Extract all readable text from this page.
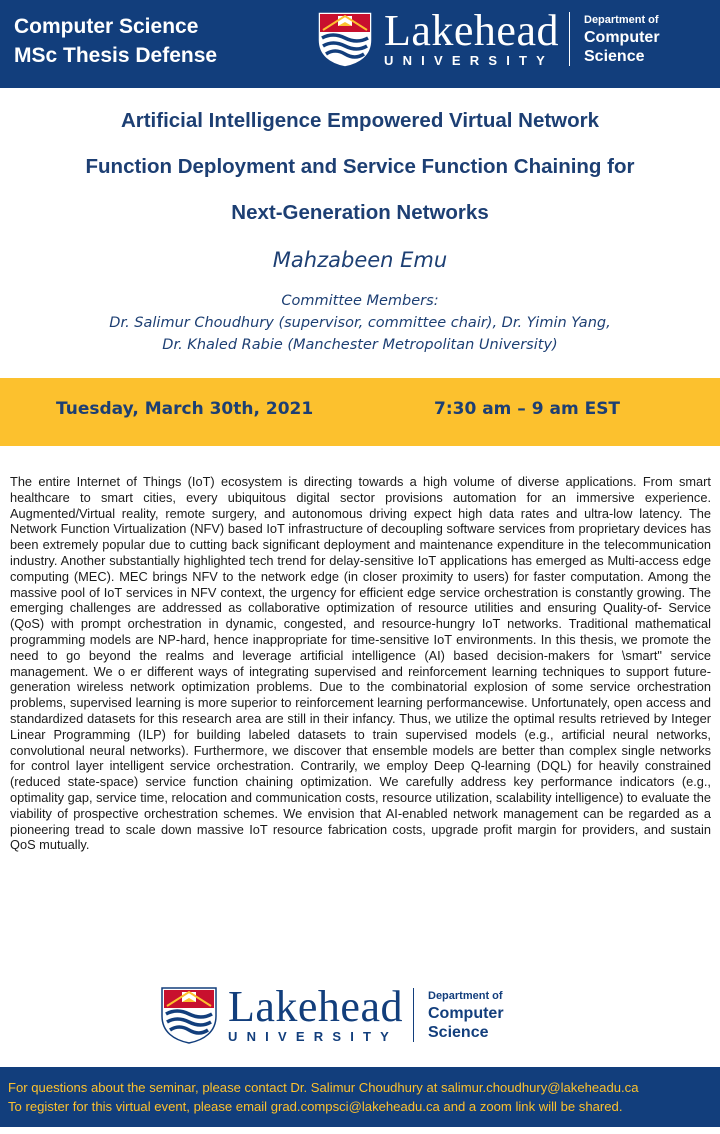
Computer Science
MSc Thesis Defense
Lakehead
UNIVERSITY
Department of
Computer
Science
Artificial Intelligence Empowered Virtual Network
Function Deployment and Service Function Chaining for
Next-Generation Networks
Mahzabeen Emu
Committee Members:
Dr. Salimur Choudhury (supervisor, committee chair), Dr. Yimin Yang,
Dr. Khaled Rabie (Manchester Metropolitan University)
Tuesday, March 30th, 2021	7:30 am – 9 am EST

The entire Internet of Things (IoT) ecosystem is directing towards a high volume of diverse applications. From smart healthcare to smart cities, every ubiquitous digital sector provisions automation for an immersive experience. Augmented/Virtual reality, remote surgery, and autonomous driving expect high data rates and ultra-low latency. The Network Function Virtualization (NFV) based IoT infrastructure of decoupling software services from proprietary devices has been extremely popular due to cutting back significant deployment and maintenance expenditure in the telecommunication industry. Another substantially highlighted tech trend for delay-sensitive IoT applications has emerged as Multi-access edge computing (MEC). MEC brings NFV to the network edge (in closer proximity to users) for faster computation. Among the massive pool of IoT services in NFV context, the urgency for efficient edge service orchestration is constantly growing. The emerging challenges are addressed as collaborative optimization of resource utilities and ensuring Quality-of- Service (QoS) with prompt orchestration in dynamic, congested, and resource-hungry IoT networks. Traditional mathematical programming models are NP-hard, hence inappropriate for time-sensitive IoT environments. In this thesis, we promote the need to go beyond the realms and leverage artificial intelligence (AI) based decision-makers for \smart" service management. We o er different ways of integrating supervised and reinforcement learning techniques to support future-generation wireless network optimization problems. Due to the combinatorial explosion of some service orchestration problems, supervised learning is more superior to reinforcement learning performancewise. Unfortunately, open access and standardized datasets for this research area are still in their infancy. Thus, we utilize the optimal results retrieved by Integer Linear Programming (ILP) for building labeled datasets to train supervised models (e.g., artificial neural networks, convolutional neural networks). Furthermore, we discover that ensemble models are better than complex single networks for control layer intelligent service orchestration. Contrarily, we employ Deep Q-learning (DQL) for heavily constrained (reduced state-space) service function chaining optimization. We carefully address key performance indicators (e.g., optimality gap, service time, relocation and communication costs, resource utilization, scalability intelligence) to evaluate the viability of prospective orchestration schemes. We envision that AI-enabled network management can be regarded as a pioneering tread to scale down massive IoT resource fabrication costs, upgrade profit margin for providers, and sustain QoS mutually.

Lakehead
UNIVERSITY
Department of
Computer
Science
For questions about the seminar, please contact Dr. Salimur Choudhury at salimur.choudhury@lakeheadu.ca
To register for this virtual event, please email grad.compsci@lakeheadu.ca and a zoom link will be shared.
